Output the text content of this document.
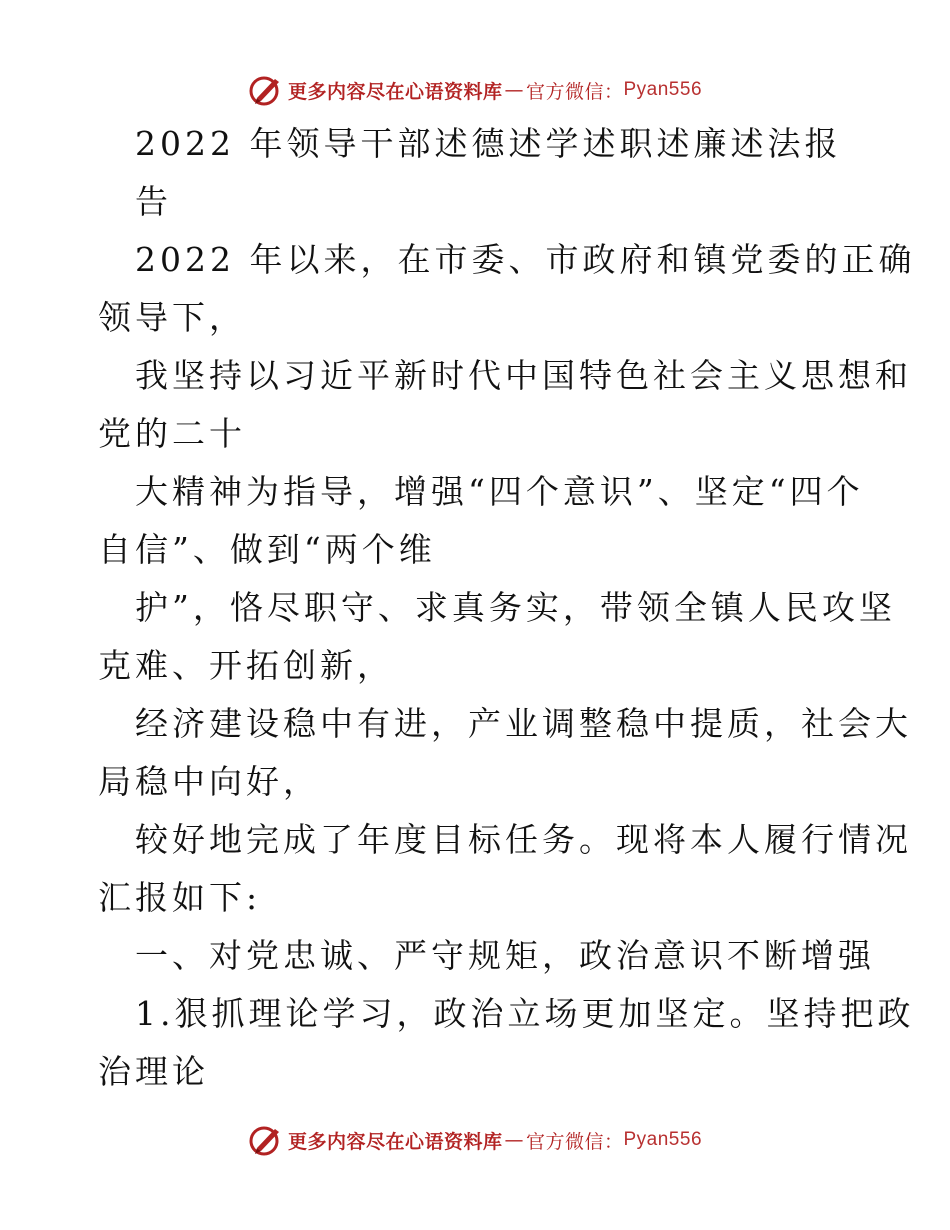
更多内容尽在心语资料库 — 官方微信： Pyan556

2022 年领导干部述德述学述职述廉述法报

告

2022 年以来，在市委、市政府和镇党委的正确

领导下，

我坚持以习近平新时代中国特色社会主义思想和

党的二十

大精神为指导，增强“四个意识”、坚定“四个

自信”、做到“两个维

护”，恪尽职守、求真务实，带领全镇人民攻坚

克难、开拓创新，

经济建设稳中有进，产业调整稳中提质，社会大

局稳中向好，

较好地完成了年度目标任务。现将本人履行情况

汇报如下:

一、对党忠诚、严守规矩，政治意识不断增强

1.狠抓理论学习，政治立场更加坚定。坚持把政

治理论

更多内容尽在心语资料库 — 官方微信： Pyan556
